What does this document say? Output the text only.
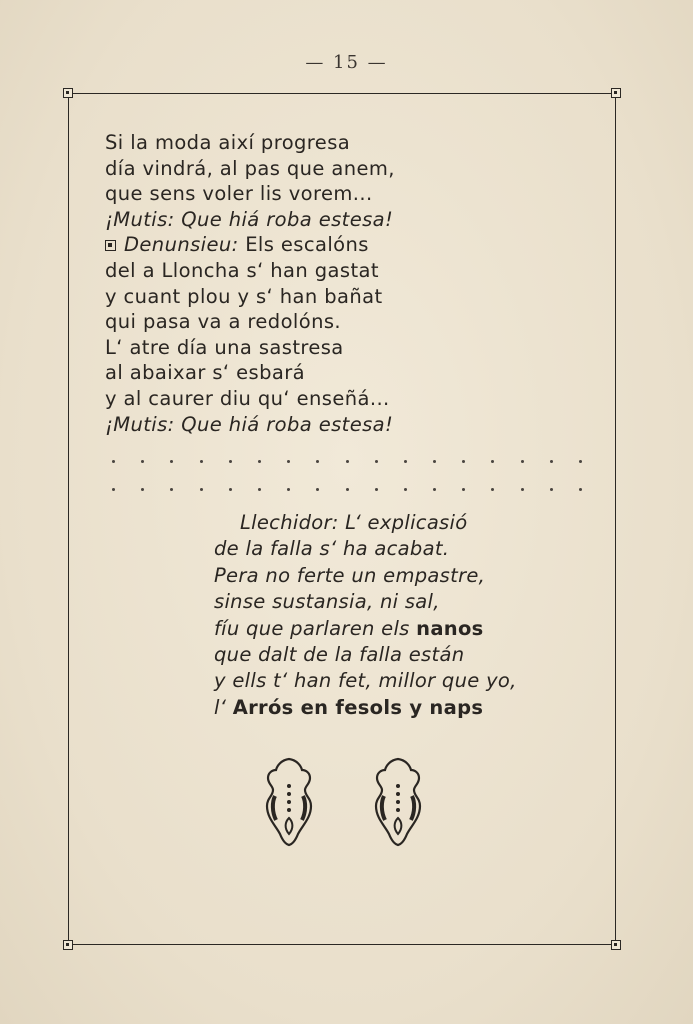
— 15 —
Si la moda així progresa
día vindrá, al pas que anem,
que sens voler lis vorem...
¡Mutis: Que hiá roba estesa!
Denunsieu: Els escalóns
del a Lloncha s‘ han gastat
y cuant plou y s‘ han bañat
qui pasa va a redolóns.
L‘ atre día una sastresa
al abaixar s‘ esbará
y al caurer diu qu‘ enseñá...
¡Mutis: Que hiá roba estesa!
Llechidor: L‘ explicasió
de la falla s‘ ha acabat.
Pera no ferte un empastre,
sinse sustansia, ni sal,
fíu que parlaren els nanos
que dalt de la falla están
y ells t‘ han fet, millor que yo,
l‘ Arrós en fesols y naps
